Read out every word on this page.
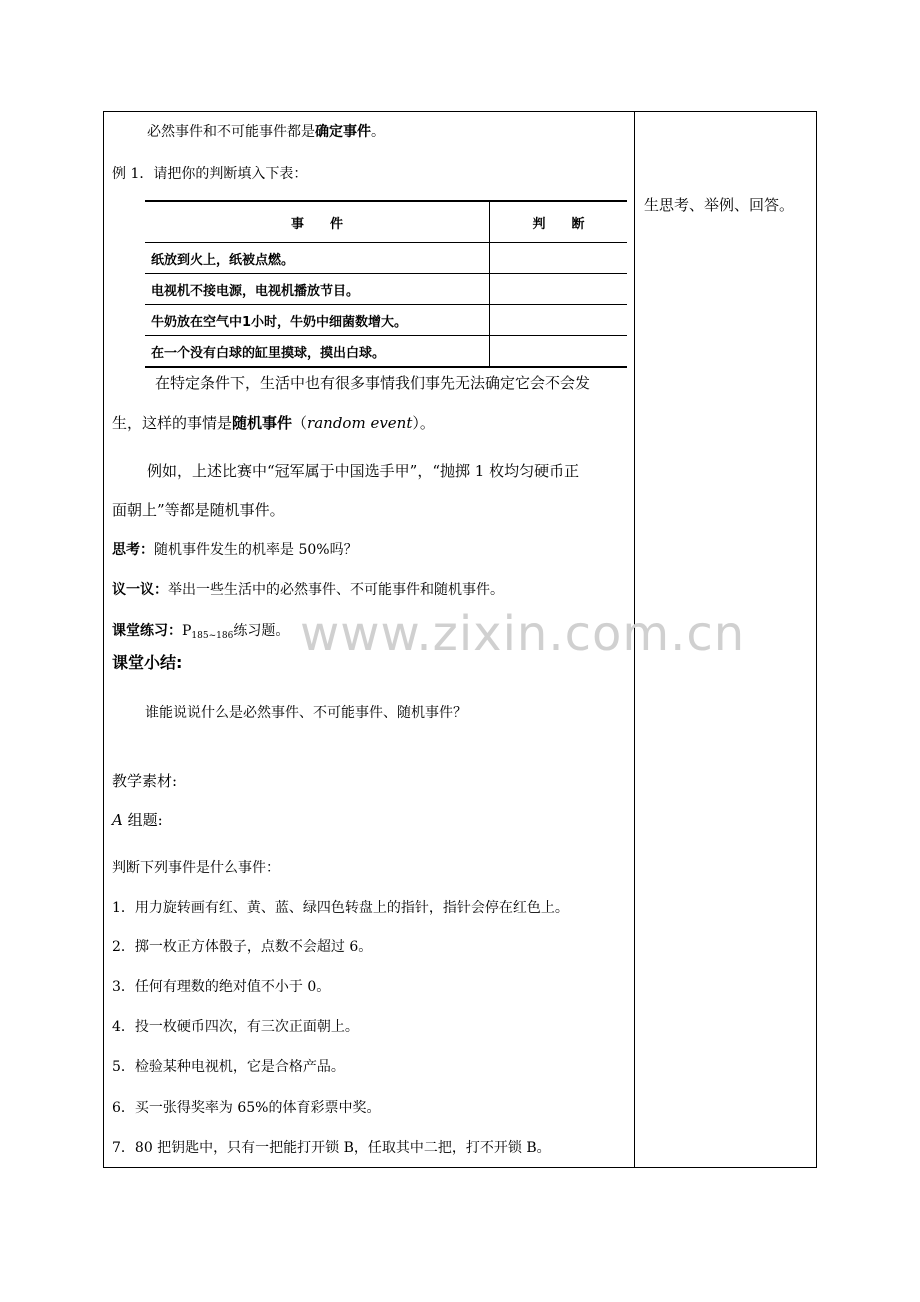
必然事件和不可能事件都是确定事件。
例 1．请把你的判断填入下表：
事　　件	判　　断
纸放到火上，纸被点燃。	
电视机不接电源，电视机播放节目。	
牛奶放在空气中1小时，牛奶中细菌数增大。	
在一个没有白球的缸里摸球，摸出白球。	
在特定条件下，生活中也有很多事情我们事先无法确定它会不会发
生，这样的事情是随机事件（random event）。
例如，上述比赛中“冠军属于中国选手甲”，“抛掷 1 枚均匀硬币正
面朝上”等都是随机事件。
思考：随机事件发生的机率是 50%吗？
议一议：举出一些生活中的必然事件、不可能事件和随机事件。
课堂练习：$P_{185\sim 186}$练习题。
课堂小结:
谁能说说什么是必然事件、不可能事件、随机事件？
教学素材:
A 组题:
判断下列事件是什么事件：
1．用力旋转画有红、黄、蓝、绿四色转盘上的指针，指针会停在红色上。
2．掷一枚正方体骰子，点数不会超过 6。
3．任何有理数的绝对值不小于 0。
4．投一枚硬币四次，有三次正面朝上。
5．检验某种电视机，它是合格产品。
6．买一张得奖率为 65%的体育彩票中奖。
7．80 把钥匙中，只有一把能打开锁 B，任取其中二把，打不开锁 B。
生思考、举例、回答。
www.zixin.com.cn
